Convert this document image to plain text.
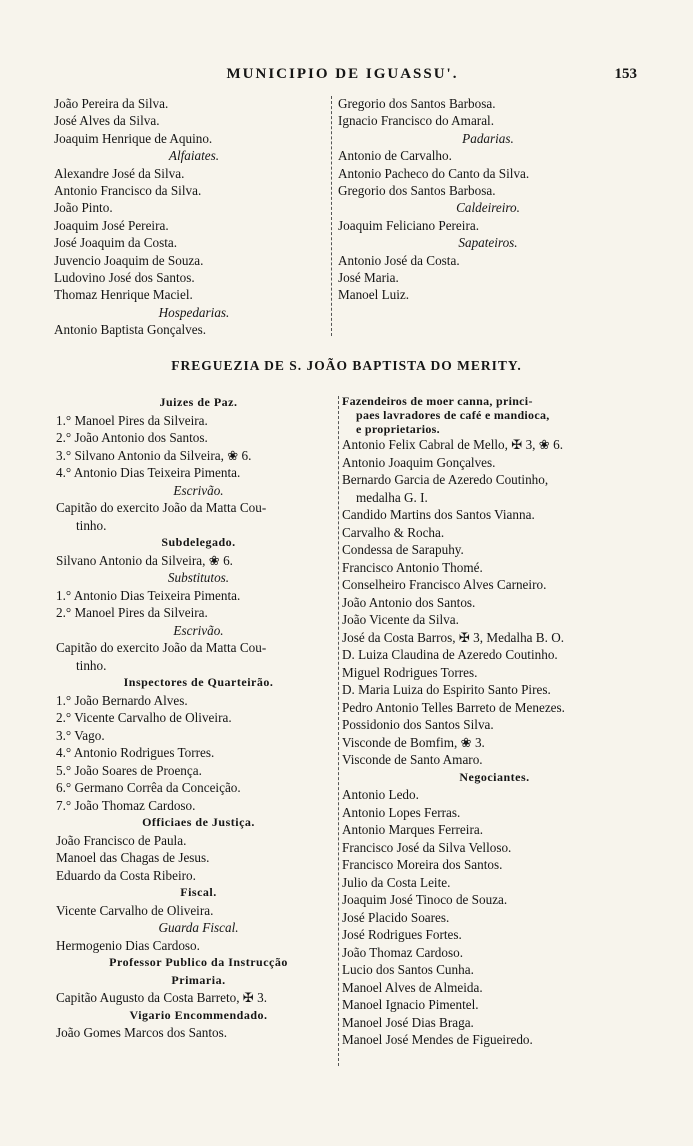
MUNICIPIO DE IGUASSU'.	153
João Pereira da Silva.
José Alves da Silva.
Joaquim Henrique de Aquino.
Alfaiates.
Alexandre José da Silva.
Antonio Francisco da Silva.
João Pinto.
Joaquim José Pereira.
José Joaquim da Costa.
Juvencio Joaquim de Souza.
Ludovino José dos Santos.
Thomaz Henrique Maciel.
Hospedarias.
Antonio Baptista Gonçalves.
Gregorio dos Santos Barbosa.
Ignacio Francisco do Amaral.
Padarias.
Antonio de Carvalho.
Antonio Pacheco do Canto da Silva.
Gregorio dos Santos Barbosa.
Caldeireiro.
Joaquim Feliciano Pereira.
Sapateiros.
Antonio José da Costa.
José Maria.
Manoel Luiz.
FREGUEZIA DE S. JOÃO BAPTISTA DO MERITY.
Juizes de Paz.
1.° Manoel Pires da Silveira.
2.° João Antonio dos Santos.
3.° Silvano Antonio da Silveira, ❀ 6.
4.° Antonio Dias Teixeira Pimenta.
Escrivão.
Capitão do exercito João da Matta Cou-
tinho.
Subdelegado.
Silvano Antonio da Silveira, ❀ 6.
Substitutos.
1.° Antonio Dias Teixeira Pimenta.
2.° Manoel Pires da Silveira.
Escrivão.
Capitão do exercito João da Matta Cou-
tinho.
Inspectores de Quarteirão.
1.° João Bernardo Alves.
2.° Vicente Carvalho de Oliveira.
3.° Vago.
4.° Antonio Rodrigues Torres.
5.° João Soares de Proença.
6.° Germano Corrêa da Conceição.
7.° João Thomaz Cardoso.
Officiaes de Justiça.
João Francisco de Paula.
Manoel das Chagas de Jesus.
Eduardo da Costa Ribeiro.
Fiscal.
Vicente Carvalho de Oliveira.
Guarda Fiscal.
Hermogenio Dias Cardoso.
Professor Publico da Instrucção
Primaria.
Capitão Augusto da Costa Barreto, ✠ 3.
Vigario Encommendado.
João Gomes Marcos dos Santos.
Fazendeiros de moer canna, princi-
paes lavradores de café e mandioca,
e proprietarios.
Antonio Felix Cabral de Mello, ✠ 3, ❀ 6.
Antonio Joaquim Gonçalves.
Bernardo Garcia de Azeredo Coutinho,
medalha G. I.
Candido Martins dos Santos Vianna.
Carvalho & Rocha.
Condessa de Sarapuhy.
Francisco Antonio Thomé.
Conselheiro Francisco Alves Carneiro.
João Antonio dos Santos.
João Vicente da Silva.
José da Costa Barros, ✠ 3, Medalha B. O.
D. Luiza Claudina de Azeredo Coutinho.
Miguel Rodrigues Torres.
D. Maria Luiza do Espirito Santo Pires.
Pedro Antonio Telles Barreto de Menezes.
Possidonio dos Santos Silva.
Visconde de Bomfim, ❀ 3.
Visconde de Santo Amaro.
Negociantes.
Antonio Ledo.
Antonio Lopes Ferras.
Antonio Marques Ferreira.
Francisco José da Silva Velloso.
Francisco Moreira dos Santos.
Julio da Costa Leite.
Joaquim José Tinoco de Souza.
José Placido Soares.
José Rodrigues Fortes.
João Thomaz Cardoso.
Lucio dos Santos Cunha.
Manoel Alves de Almeida.
Manoel Ignacio Pimentel.
Manoel José Dias Braga.
Manoel José Mendes de Figueiredo.
